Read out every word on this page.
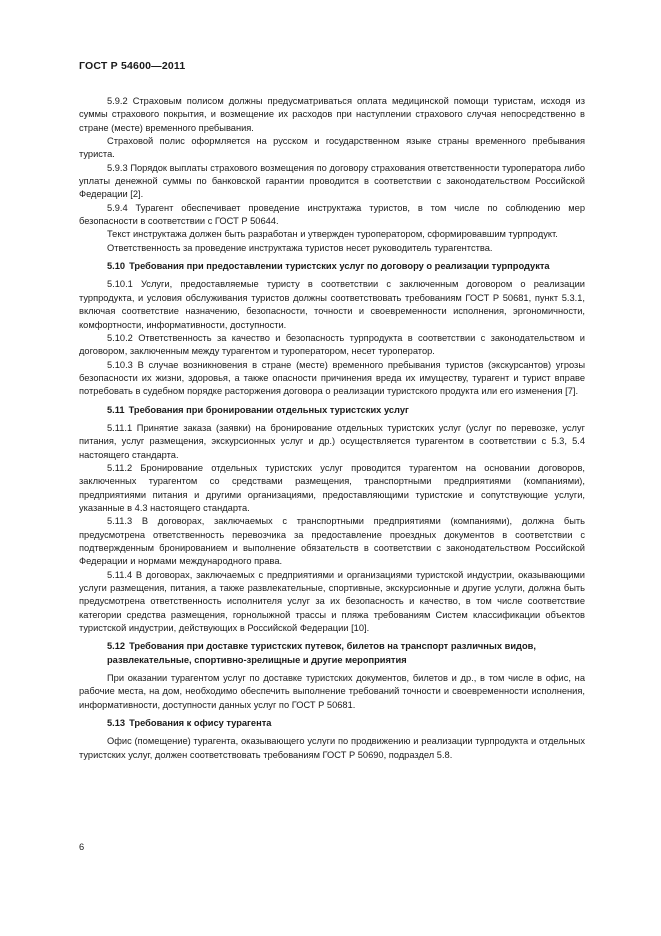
ГОСТ Р 54600—2011
5.9.2 Страховым полисом должны предусматриваться оплата медицинской помощи туристам, исходя из суммы страхового покрытия, и возмещение их расходов при наступлении страхового случая непосредственно в стране (месте) временного пребывания.
Страховой полис оформляется на русском и государственном языке страны временного пребывания туриста.
5.9.3 Порядок выплаты страхового возмещения по договору страхования ответственности туроператора либо уплаты денежной суммы по банковской гарантии проводится в соответствии с законодательством Российской Федерации [2].
5.9.4 Турагент обеспечивает проведение инструктажа туристов, в том числе по соблюдению мер безопасности в соответствии с ГОСТ Р 50644.
Текст инструктажа должен быть разработан и утвержден туроператором, сформировавшим турпродукт.
Ответственность за проведение инструктажа туристов несет руководитель турагентства.
5.10 Требования при предоставлении туристских услуг по договору о реализации турпродукта
5.10.1 Услуги, предоставляемые туристу в соответствии с заключенным договором о реализации турпродукта, и условия обслуживания туристов должны соответствовать требованиям ГОСТ Р 50681, пункт 5.3.1, включая соответствие назначению, безопасности, точности и своевременности исполнения, эргономичности, комфортности, информативности, доступности.
5.10.2 Ответственность за качество и безопасность турпродукта в соответствии с законодательством и договором, заключенным между турагентом и туроператором, несет туроператор.
5.10.3 В случае возникновения в стране (месте) временного пребывания туристов (экскурсантов) угрозы безопасности их жизни, здоровья, а также опасности причинения вреда их имуществу, турагент и турист вправе потребовать в судебном порядке расторжения договора о реализации туристского продукта или его изменения [7].
5.11 Требования при бронировании отдельных туристских услуг
5.11.1 Принятие заказа (заявки) на бронирование отдельных туристских услуг (услуг по перевозке, услуг питания, услуг размещения, экскурсионных услуг и др.) осуществляется турагентом в соответствии с 5.3, 5.4 настоящего стандарта.
5.11.2 Бронирование отдельных туристских услуг проводится турагентом на основании договоров, заключенных турагентом со средствами размещения, транспортными предприятиями (компаниями), предприятиями питания и другими организациями, предоставляющими туристские и сопутствующие услуги, указанные в 4.3 настоящего стандарта.
5.11.3 В договорах, заключаемых с транспортными предприятиями (компаниями), должна быть предусмотрена ответственность перевозчика за предоставление проездных документов в соответствии с подтвержденным бронированием и выполнение обязательств в соответствии с законодательством Российской Федерации и нормами международного права.
5.11.4 В договорах, заключаемых с предприятиями и организациями туристской индустрии, оказывающими услуги размещения, питания, а также развлекательные, спортивные, экскурсионные и другие услуги, должна быть предусмотрена ответственность исполнителя услуг за их безопасность и качество, в том числе соответствие категории средства размещения, горнолыжной трассы и пляжа требованиям Систем классификации объектов туристской индустрии, действующих в Российской Федерации [10].
5.12 Требования при доставке туристских путевок, билетов на транспорт различных видов, развлекательные, спортивно-зрелищные и другие мероприятия
При оказании турагентом услуг по доставке туристских документов, билетов и др., в том числе в офис, на рабочие места, на дом, необходимо обеспечить выполнение требований точности и своевременности исполнения, информативности, доступности данных услуг по ГОСТ Р 50681.
5.13 Требования к офису турагента
Офис (помещение) турагента, оказывающего услуги по продвижению и реализации турпродукта и отдельных туристских услуг, должен соответствовать требованиям ГОСТ Р 50690, подраздел 5.8.
6
